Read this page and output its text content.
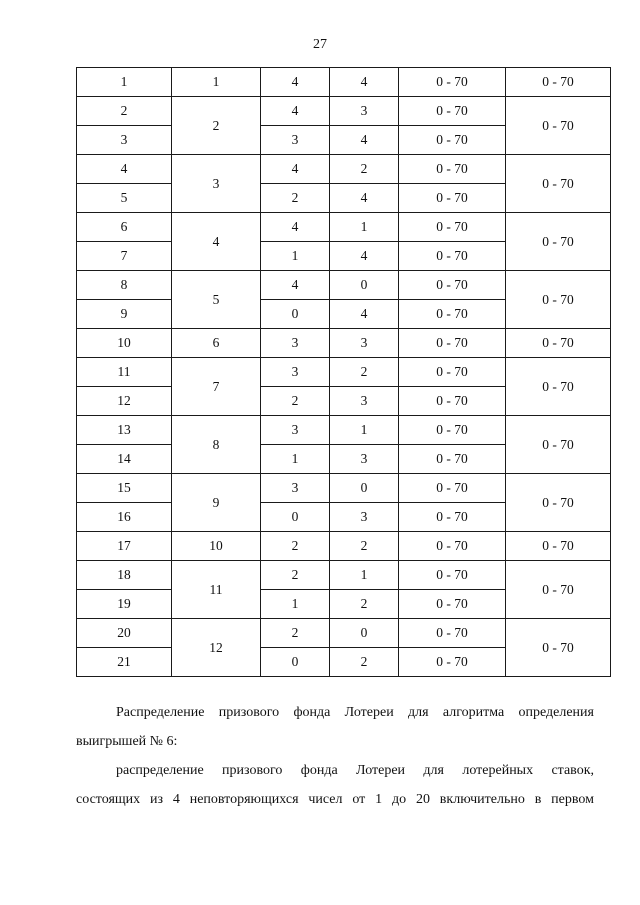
27
1	1	4	4	0 - 70	0 - 70
2	2	4	3	0 - 70	0 - 70
3		3	4	0 - 70	
4	3	4	2	0 - 70	0 - 70
5		2	4	0 - 70	
6	4	4	1	0 - 70	0 - 70
7		1	4	0 - 70	
8	5	4	0	0 - 70	0 - 70
9		0	4	0 - 70	
10	6	3	3	0 - 70	0 - 70
11	7	3	2	0 - 70	0 - 70
12		2	3	0 - 70	
13	8	3	1	0 - 70	0 - 70
14		1	3	0 - 70	
15	9	3	0	0 - 70	0 - 70
16		0	3	0 - 70	
17	10	2	2	0 - 70	0 - 70
18	11	2	1	0 - 70	0 - 70
19		1	2	0 - 70	
20	12	2	0	0 - 70	0 - 70
21		0	2	0 - 70	

Распределение призового фонда Лотереи для алгоритма определения

выигрышей № 6:

распределение призового фонда Лотереи для лотерейных ставок,

состоящих из 4 неповторяющихся чисел от 1 до 20 включительно в первом
